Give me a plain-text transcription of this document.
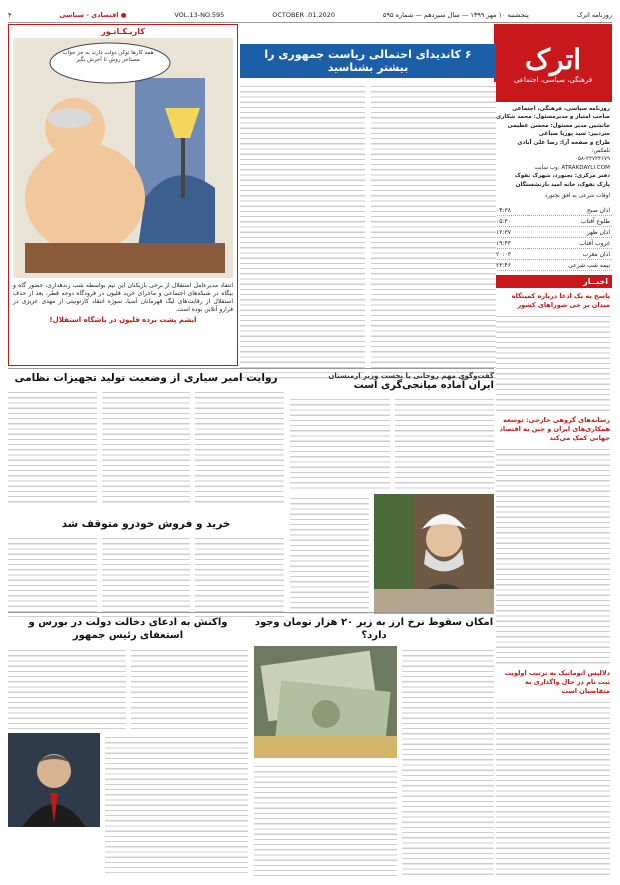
روزنامه اترک
پنجشنبه ۱۰ مهر ۱۳۹۹ — سال سیزدهم — شماره ۵۹۵
OCTOBER .01.2020
VOL.13-NO.595
● اقتصادی - سیاسی
۴
اترک
فرهنگی، سیاسی، اجتماعی
روزنامه سیاسی، فرهنگی، اجتماعی
صاحب امتیاز و مدیرمسئول: محمد شکاری
جانشین مدیر مسئول: محسن عظیمی
سردبیر: سید پوریا صباغی
طراح و صفحه آرا: رضا علی آبادی
تلفکس:
۰۵۸-۳۲۷۲۴۶۷۹
ATRAKDAYLI.COM :وب سایت
دفتر مرکزی: بجنورد، شهرک نفوک
پارک نفوک، خانه امید بازنشستگان
اوقات شرعی به افق بجنورد
اذان صبح	۰۴:۳۸
طلوع آفتاب	۰۵:۳۰
اذان ظهر	۱۲:۳۷
غروب آفتاب	۱۹:۴۳
اذان مغرب	۲۰:۰۳
نیمه شب شرعی	۲۳:۴۶
اخبــار
پاسخ به یک ادعا درباره کمیتگاه میدان بر خی شوراهای کشور
رسانه‌های گروهی خارجی: توسعه همکاری‌های ایران و چین به اقتصاد جهانی کمک می‌کند
دلالیس اتوماتیک به ترتیب اولویت ثبت نام در حال واگذاری به متقاضیان است
۶ کاندیدای احتمالی ریاست جمهوری را بیشتر بشناسید
کاریـکـاتـور
همه کارها توکن دولت دارند به جز جواب مستاجر روش تا آخرش بگیر
انتقاد مدیرعامل استقلال از برخی بازیکنان این تیم بواسطه شب زندهداری، حضور گاه و بیگاه در شبکه‌های اجتماعی و ماجرای خرید قلیون در فرودگاه دوحه قطر، بعد از حذف استقلال از رقابت‌های لیگ قهرمانان آسیا، سوژه انتقاد کارتونیتی از مهدی عزیزی در فرارو آنلاین بوده است.
ایشم پشت پرده قلیون در باشگاه استقلال!
روایت امیر سیاری از وضعیت تولید تجهیزات نظامی
خرید و فروش خودرو متوقف شد
گفت‌وگوی مهم روحانی با نخست وزیر ارمنستان
ایران آماده میانجی‌گری است
واکنش به ادعای دخالت دولت در بورس و استعفای رئیس جمهور
امکان سقوط نرخ ارز به زیر ۲۰ هزار تومان وجود دارد؟
